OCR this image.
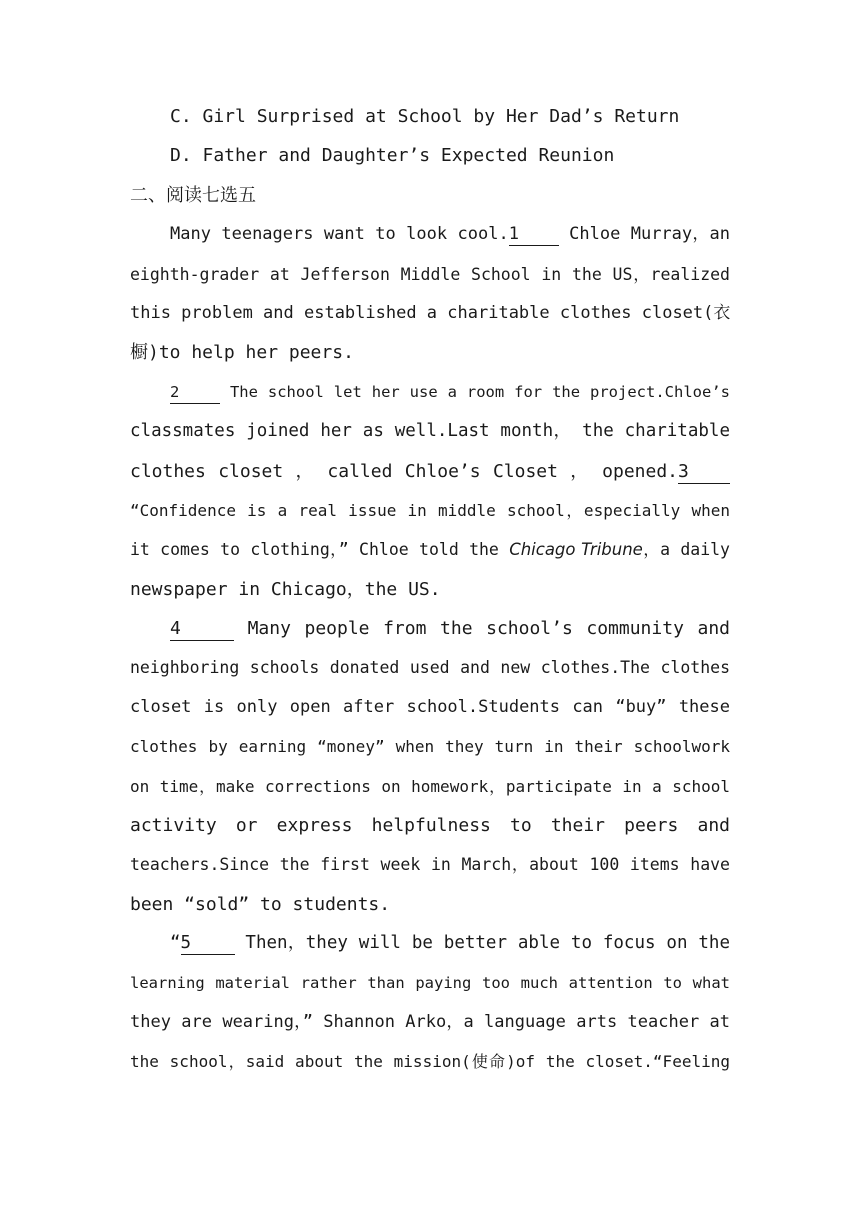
C. Girl Surprised at School by Her Dad’s Return
D. Father and Daughter’s Expected Reunion
二、阅读七选五
Many teenagers want to look cool.1 Chloe Murray，an
eighth-grader at Jefferson Middle School in the US，realized
this problem and established a charitable clothes closet(衣
橱)to help her peers.
2	The school let her use a room for the project.Chloe’s
classmates joined her as well.Last month， the charitable
clothes closet ， called Chloe’s Closet ， opened.3
“Confidence is a real issue in middle school，especially when
it comes to clothing，” Chloe told the Chicago Tribune，a daily
newspaper in Chicago，the US.
4	Many people from the school’s community and
neighboring schools donated used and new clothes.The clothes
closet is only open after school.Students can “buy” these
clothes by earning “money” when they turn in their schoolwork
on time，make corrections on homework，participate in a school
activity or express helpfulness to their peers and
teachers.Since the first week in March，about 100 items have
been “sold” to students.
“5 Then，they will be better able to focus on the
learning material rather than paying too much attention to what
they are wearing，” Shannon Arko，a language arts teacher at
the school，said about the mission(使命)of the closet.“Feeling
